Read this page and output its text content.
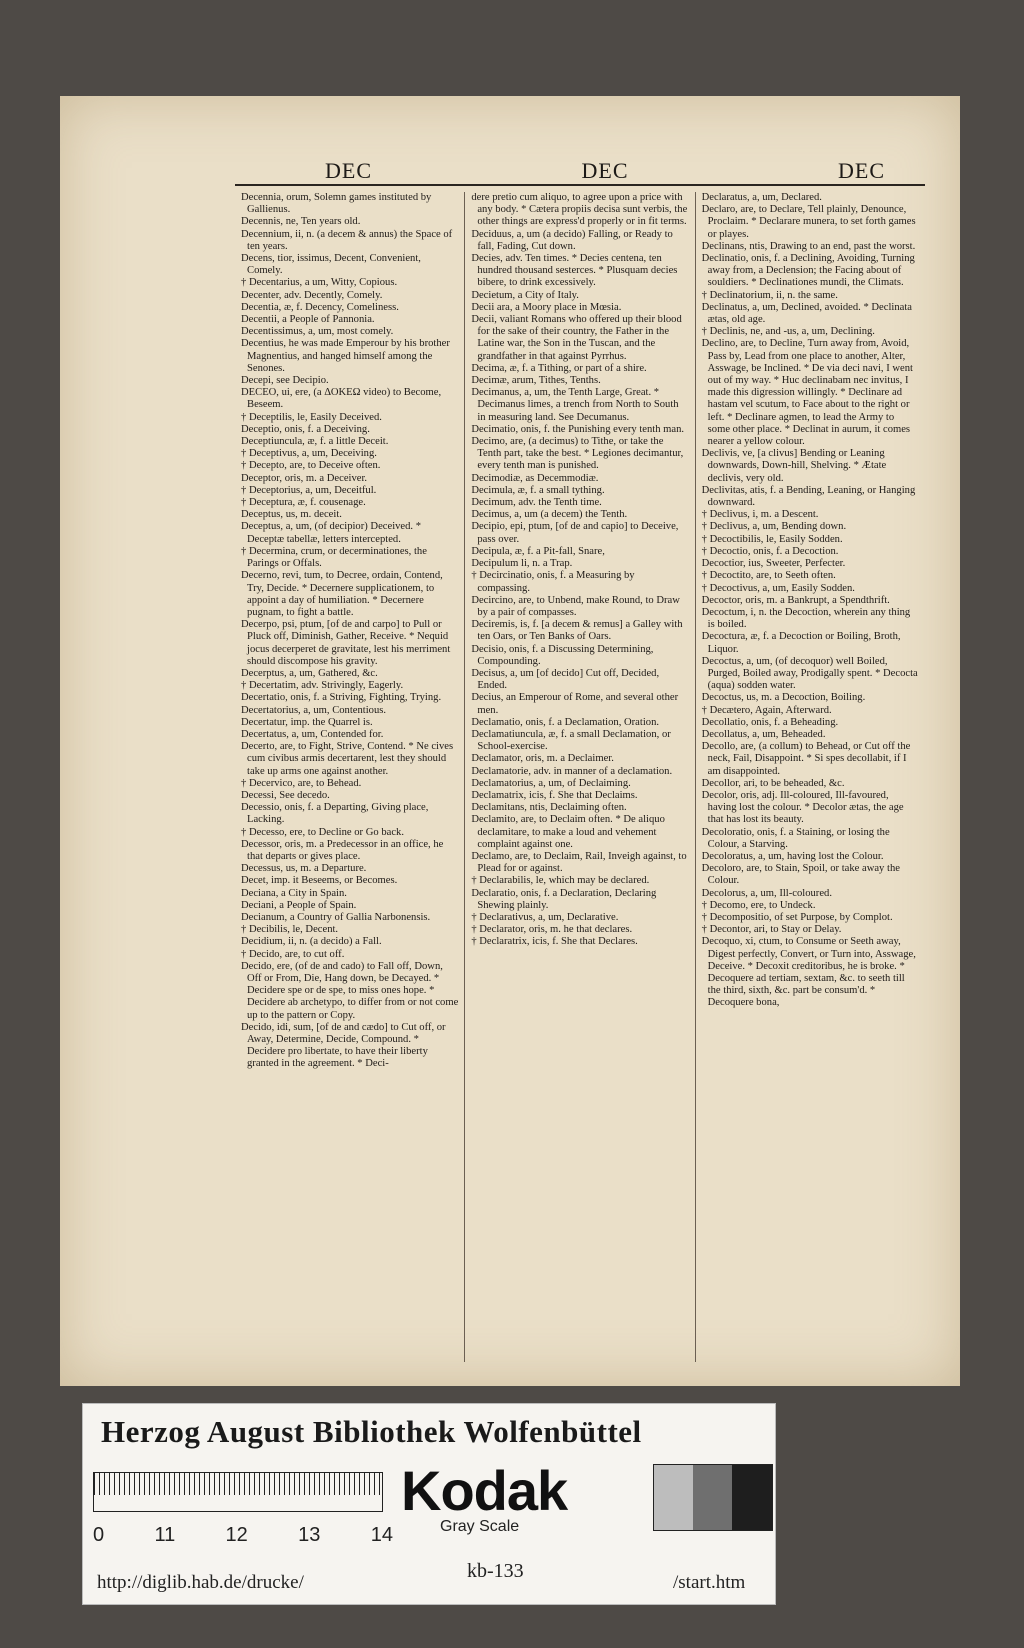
DEC	DEC	DEC

Decennia, orum, Solemn games instituted by Gallienus.

Decennis, ne, Ten years old.

Decennium, ii, n. (a decem & annus) the Space of ten years.

Decens, tior, issimus, Decent, Convenient, Comely.

† Decentarius, a um, Witty, Copious.

Decenter, adv. Decently, Comely.

Decentia, æ, f. Decency, Comeliness.

Decentii, a People of Pannonia.

Decentissimus, a, um, most comely.

Decentius, he was made Emperour by his brother Magnentius, and hanged himself among the Senones.

Decepi, see Decipio.

DECEO, ui, ere, (a ΔΟΚΕΩ video) to Become, Beseem.

† Deceptilis, le, Easily Deceived.

Deceptio, onis, f. a Deceiving.

Deceptiuncula, æ, f. a little Deceit.

† Deceptivus, a, um, Deceiving.

† Decepto, are, to Deceive often.

Deceptor, oris, m. a Deceiver.

† Deceptorius, a, um, Deceitful.

† Deceptura, æ, f. cousenage.

Deceptus, us, m. deceit.

Deceptus, a, um, (of decipior) Deceived. * Deceptæ tabellæ, letters intercepted.

† Decermina, crum, or decerminationes, the Parings or Offals.

Decerno, revi, tum, to Decree, ordain, Contend, Try, Decide. * Decernere supplicationem, to appoint a day of humiliation. * Decernere pugnam, to fight a battle.

Decerpo, psi, ptum, [of de and carpo] to Pull or Pluck off, Diminish, Gather, Receive. * Nequid jocus decerperet de gravitate, lest his merriment should discompose his gravity.

Decerptus, a, um, Gathered, &c.

† Decertatim, adv. Strivingly, Eagerly.

Decertatio, onis, f. a Striving, Fighting, Trying.

Decertatorius, a, um, Contentious.

Decertatur, imp. the Quarrel is.

Decertatus, a, um, Contended for.

Decerto, are, to Fight, Strive, Contend. * Ne cives cum civibus armis decertarent, lest they should take up arms one against another.

† Decervico, are, to Behead.

Decessi, See decedo.

Decessio, onis, f. a Departing, Giving place, Lacking.

† Decesso, ere, to Decline or Go back.

Decessor, oris, m. a Predecessor in an office, he that departs or gives place.

Decessus, us, m. a Departure.

Decet, imp. it Beseems, or Becomes.

Deciana, a City in Spain.

Deciani, a People of Spain.

Decianum, a Country of Gallia Narbonensis.

† Decibilis, le, Decent.

Decidium, ii, n. (a decido) a Fall.

† Decido, are, to cut off.

Decido, ere, (of de and cado) to Fall off, Down, Off or From, Die, Hang down, be Decayed. * Decidere spe or de spe, to miss ones hope. * Decidere ab archetypo, to differ from or not come up to the pattern or Copy.

Decido, idi, sum, [of de and cædo] to Cut off, or Away, Determine, Decide, Compound. * Decidere pro libertate, to have their liberty granted in the agreement. * Deci-

dere pretio cum aliquo, to agree upon a price with any body. * Cætera propiis decisa sunt verbis, the other things are express'd properly or in fit terms.

Deciduus, a, um (a decido) Falling, or Ready to fall, Fading, Cut down.

Decies, adv. Ten times. * Decies centena, ten hundred thousand sesterces. * Plusquam decies bibere, to drink excessively.

Decietum, a City of Italy.

Decii ara, a Moory place in Mœsia.

Decii, valiant Romans who offered up their blood for the sake of their country, the Father in the Latine war, the Son in the Tuscan, and the grandfather in that against Pyrrhus.

Decima, æ, f. a Tithing, or part of a shire.

Decimæ, arum, Tithes, Tenths.

Decimanus, a, um, the Tenth Large, Great. * Decimanus limes, a trench from North to South in measuring land. See Decumanus.

Decimatio, onis, f. the Punishing every tenth man.

Decimo, are, (a decimus) to Tithe, or take the Tenth part, take the best. * Legiones decimantur, every tenth man is punished.

Decimodiæ, as Decemmodiæ.

Decimula, æ, f. a small tything.

Decimum, adv. the Tenth time.

Decimus, a, um (a decem) the Tenth.

Decipio, epi, ptum, [of de and capio] to Deceive, pass over.

Decipula, æ, f. a Pit-fall, Snare,

Decipulum li, n. a Trap.

† Decircinatio, onis, f. a Measuring by compassing.

Decircino, are, to Unbend, make Round, to Draw by a pair of compasses.

Deciremis, is, f. [a decem & remus] a Galley with ten Oars, or Ten Banks of Oars.

Decisio, onis, f. a Discussing Determining, Compounding.

Decisus, a, um [of decido] Cut off, Decided, Ended.

Decius, an Emperour of Rome, and several other men.

Declamatio, onis, f. a Declamation, Oration.

Declamatiuncula, æ, f. a small Declamation, or School-exercise.

Declamator, oris, m. a Declaimer.

Declamatorie, adv. in manner of a declamation.

Declamatorius, a, um, of Declaiming.

Declamatrix, icis, f. She that Declaims.

Declamitans, ntis, Declaiming often.

Declamito, are, to Declaim often. * De aliquo declamitare, to make a loud and vehement complaint against one.

Declamo, are, to Declaim, Rail, Inveigh against, to Plead for or against.

† Declarabilis, le, which may be declared.

Declaratio, onis, f. a Declaration, Declaring Shewing plainly.

† Declarativus, a, um, Declarative.

† Declarator, oris, m. he that declares.

† Declaratrix, icis, f. She that Declares.

Declaratus, a, um, Declared.

Declaro, are, to Declare, Tell plainly, Denounce, Proclaim. * Declarare munera, to set forth games or playes.

Declinans, ntis, Drawing to an end, past the worst.

Declinatio, onis, f. a Declining, Avoiding, Turning away from, a Declension; the Facing about of souldiers. * Declinationes mundi, the Climats.

† Declinatorium, ii, n. the same.

Declinatus, a, um, Declined, avoided. * Declinata ætas, old age.

† Declinis, ne, and -us, a, um, Declining.

Declino, are, to Decline, Turn away from, Avoid, Pass by, Lead from one place to another, Alter, Asswage, be Inclined. * De via deci navi, I went out of my way. * Huc declinabam nec invitus, I made this digression willingly. * Declinare ad hastam vel scutum, to Face about to the right or left. * Declinare agmen, to lead the Army to some other place. * Declinat in aurum, it comes nearer a yellow colour.

Declivis, ve, [a clivus] Bending or Leaning downwards, Down-hill, Shelving. * Ætate declivis, very old.

Declivitas, atis, f. a Bending, Leaning, or Hanging downward.

† Declivus, i, m. a Descent.

† Declivus, a, um, Bending down.

† Decoctibilis, le, Easily Sodden.

† Decoctio, onis, f. a Decoction.

Decoctior, ius, Sweeter, Perfecter.

† Decoctito, are, to Seeth often.

† Decoctivus, a, um, Easily Sodden.

Decoctor, oris, m. a Bankrupt, a Spendthrift.

Decoctum, i, n. the Decoction, wherein any thing is boiled.

Decoctura, æ, f. a Decoction or Boiling, Broth, Liquor.

Decoctus, a, um, (of decoquor) well Boiled, Purged, Boiled away, Prodigally spent. * Decocta (aqua) sodden water.

Decoctus, us, m. a Decoction, Boiling.

† Decætero, Again, Afterward.

Decollatio, onis, f. a Beheading.

Decollatus, a, um, Beheaded.

Decollo, are, (a collum) to Behead, or Cut off the neck, Fail, Disappoint. * Si spes decollabit, if I am disappointed.

Decollor, ari, to be beheaded, &c.

Decolor, oris, adj. Ill-coloured, Ill-favoured, having lost the colour. * Decolor ætas, the age that has lost its beauty.

Decoloratio, onis, f. a Staining, or losing the Colour, a Starving.

Decoloratus, a, um, having lost the Colour.

Decoloro, are, to Stain, Spoil, or take away the Colour.

Decolorus, a, um, Ill-coloured.

† Decomo, ere, to Undeck.

† Decompositio, of set Purpose, by Complot.

† Decontor, ari, to Stay or Delay.

Decoquo, xi, ctum, to Consume or Seeth away, Digest perfectly, Convert, or Turn into, Asswage, Deceive. * Decoxit creditoribus, he is broke. * Decoquere ad tertiam, sextam, &c. to seeth till the third, sixth, &c. part be consum'd. * Decoquere bona,

Herzog August Bibliothek Wolfenbüttel
0	11	12	13	14
Kodak
Gray Scale
http://diglib.hab.de/drucke/
kb-133
/start.htm
